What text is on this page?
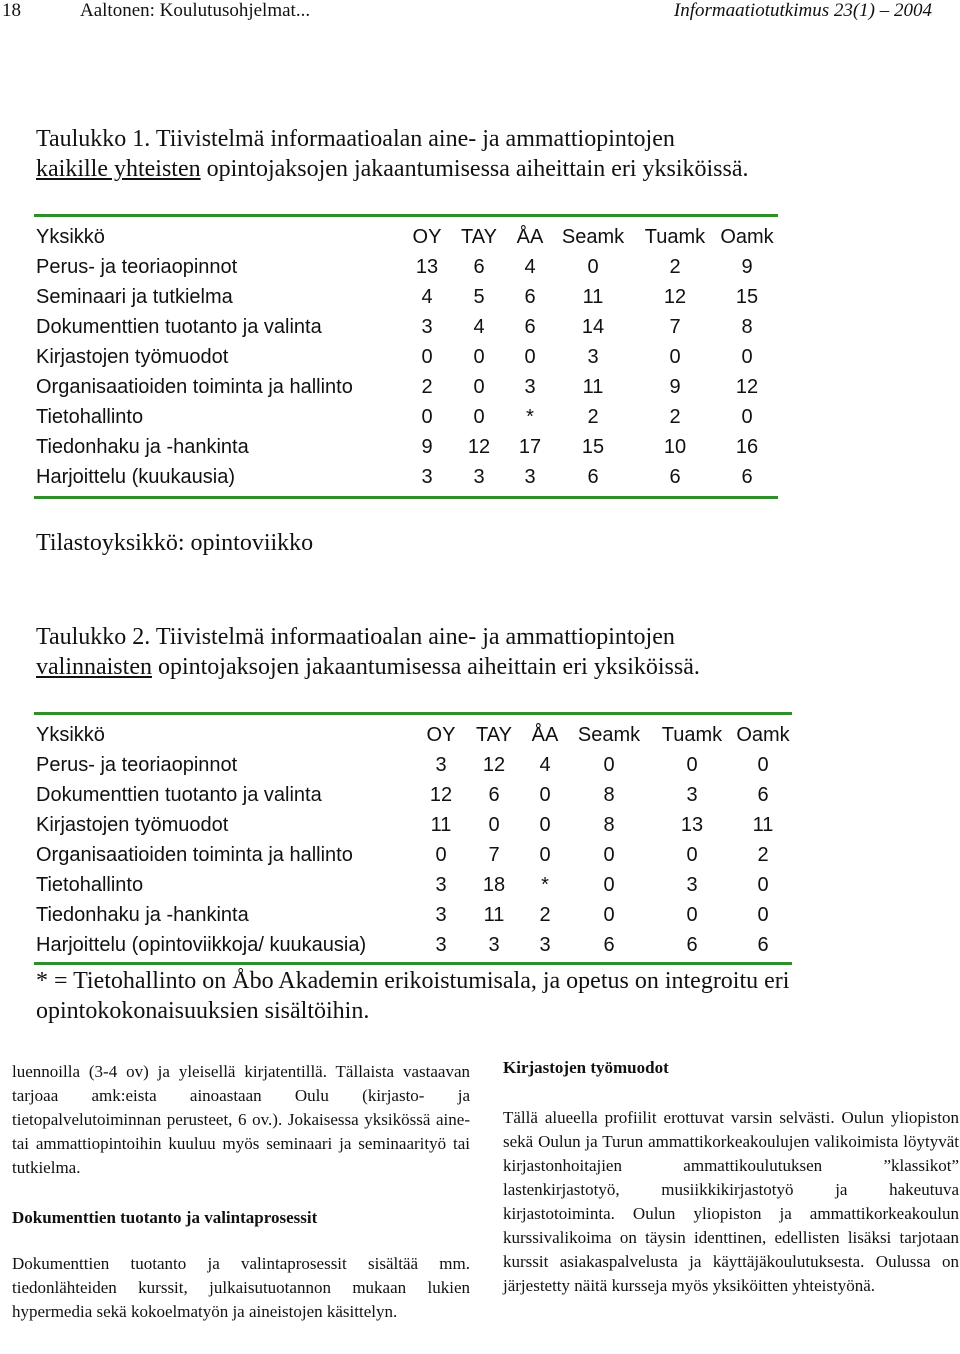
18	Aaltonen: Koulutusohjelmat...	Informaatiotutkimus 23(1) – 2004
Taulukko 1. Tiivistelmä informaatioalan aine- ja ammattiopintojen
kaikille yhteisten opintojaksojen jakaantumisessa aiheittain eri yksiköissä.
Yksikkö	OY	TAY	ÅA	Seamk	Tuamk	Oamk
Perus- ja teoriaopinnot	13	6	4	0	2	9
Seminaari ja tutkielma	4	5	6	11	12	15
Dokumenttien tuotanto ja valinta	3	4	6	14	7	8
Kirjastojen työmuodot	0	0	0	3	0	0
Organisaatioiden toiminta ja hallinto	2	0	3	11	9	12
Tietohallinto	0	0	*	2	2	0
Tiedonhaku ja -hankinta	9	12	17	15	10	16
Harjoittelu (kuukausia)	3	3	3	6	6	6
Tilastoyksikkö: opintoviikko
Taulukko 2. Tiivistelmä informaatioalan aine- ja ammattiopintojen
valinnaisten opintojaksojen jakaantumisessa aiheittain eri yksiköissä.
Yksikkö	OY	TAY	ÅA	Seamk	Tuamk	Oamk
Perus- ja teoriaopinnot	3	12	4	0	0	0
Dokumenttien tuotanto ja valinta	12	6	0	8	3	6
Kirjastojen työmuodot	11	0	0	8	13	11
Organisaatioiden toiminta ja hallinto	0	7	0	0	0	2
Tietohallinto	3	18	*	0	3	0
Tiedonhaku ja -hankinta	3	11	2	0	0	0
Harjoittelu (opintoviikkoja/ kuukausia)	3	3	3	6	6	6
* = Tietohallinto on Åbo Akademin erikoistumisala, ja opetus on integroitu eri opintokokonaisuuksien sisältöihin.

luennoilla (3-4 ov) ja yleisellä kirjatentillä. Tällaista vastaavan tarjoaa amk:eista ainoastaan Oulu (kirjasto- ja tietopalvelutoiminnan perusteet, 6 ov.). Jokaisessa yksikössä aine- tai ammattiopintoihin kuuluu myös seminaari ja seminaarityö tai tutkielma.

Dokumenttien tuotanto ja valintaprosessit

Dokumenttien tuotanto ja valintaprosessit sisältää mm. tiedonlähteiden kurssit, julkaisutuotannon mukaan lukien hypermedia sekä kokoelmatyön ja aineistojen käsittelyn.

Kirjastojen työmuodot

Tällä alueella profiilit erottuvat varsin selvästi. Oulun yliopiston sekä Oulun ja Turun ammattikorkeakoulujen valikoimista löytyvät kirjastonhoitajien ammattikoulutuksen ”klassikot” lastenkirjastotyö, musiikkikirjastotyö ja hakeutuva kirjastotoiminta. Oulun yliopiston ja ammattikorkeakoulun kurssivalikoima on täysin identtinen, edellisten lisäksi tarjotaan kurssit asiakaspalvelusta ja käyttäjäkoulutuksesta. Oulussa on järjestetty näitä kursseja myös yksiköitten yhteistyönä.
